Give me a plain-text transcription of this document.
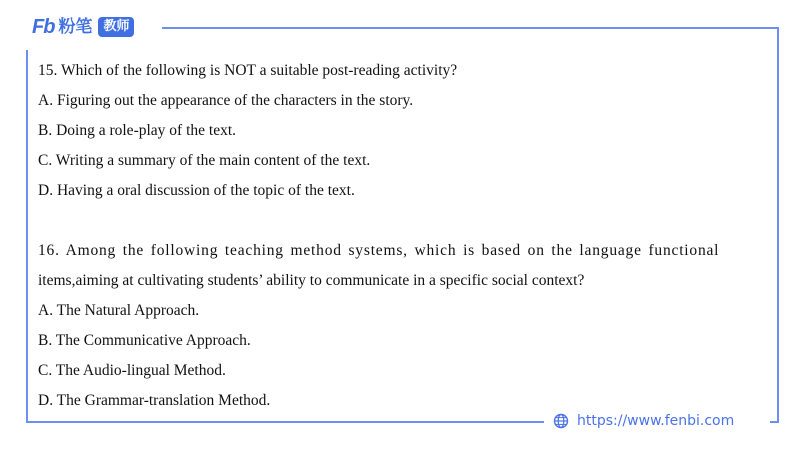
Fb 粉笔 教师
15. Which of the following is NOT a suitable post-reading activity?
A. Figuring out the appearance of the characters in the story.
B. Doing a role-play of the text.
C. Writing a summary of the main content of the text.
D. Having a oral discussion of the topic of the text.
16. Among the following teaching method systems, which is based on the language functional
items,aiming at cultivating students’ ability to communicate in a specific social context?
A. The Natural Approach.
B. The Communicative Approach.
C. The Audio-lingual Method.
D. The Grammar-translation Method.
https://www.fenbi.com
